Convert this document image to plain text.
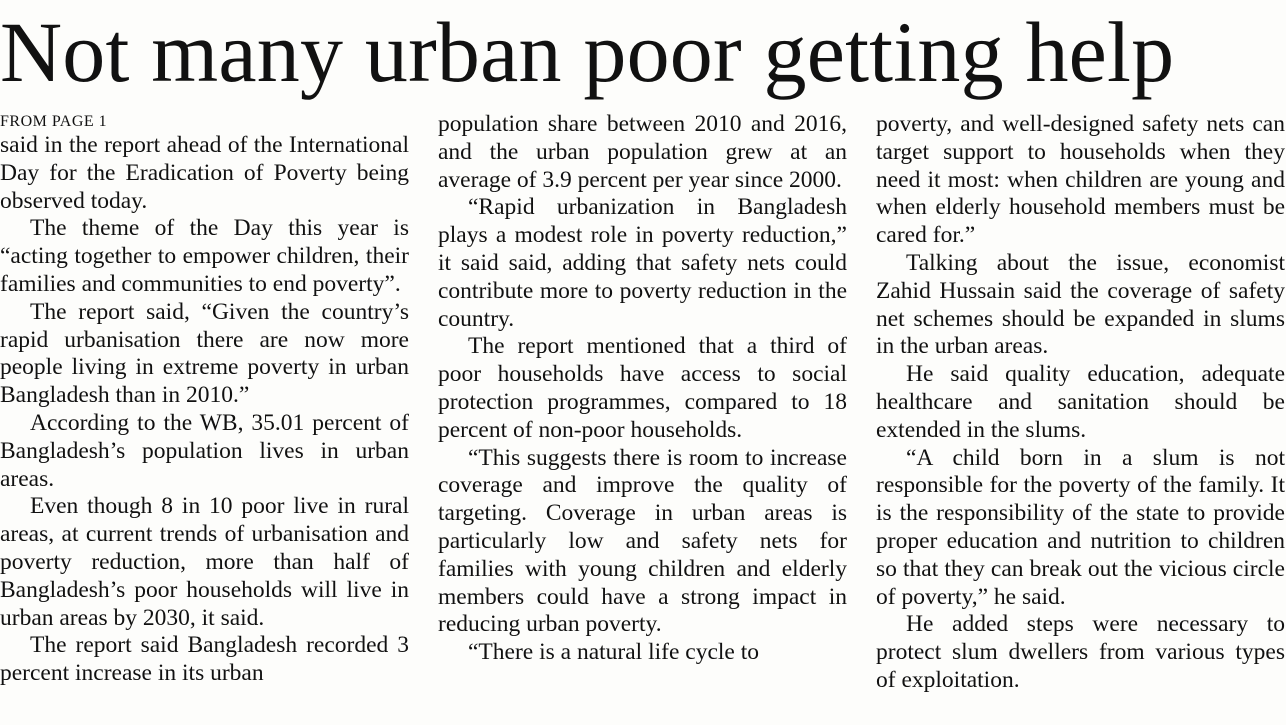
Not many urban poor getting help
FROM PAGE 1

said in the report ahead of the International Day for the Eradication of Poverty being observed today.

The theme of the Day this year is “acting together to empower children, their families and communities to end poverty”.

The report said, “Given the country’s rapid urbanisation there are now more people living in extreme poverty in urban Bangladesh than in 2010.”

According to the WB, 35.01 percent of Bangladesh’s population lives in urban areas.

Even though 8 in 10 poor live in rural areas, at current trends of urbanisation and poverty reduction, more than half of Bangladesh’s poor households will live in urban areas by 2030, it said.

The report said Bangladesh recorded 3 percent increase in its urban

population share between 2010 and 2016, and the urban population grew at an average of 3.9 percent per year since 2000.

“Rapid urbanization in Bangladesh plays a modest role in poverty reduction,” it said said, adding that safety nets could contribute more to poverty reduction in the country.

The report mentioned that a third of poor households have access to social protection programmes, compared to 18 percent of non-poor households.

“This suggests there is room to increase coverage and improve the quality of targeting. Coverage in urban areas is particularly low and safety nets for families with young children and elderly members could have a strong impact in reducing urban poverty.

“There is a natural life cycle to

poverty, and well-designed safety nets can target support to households when they need it most: when children are young and when elderly household members must be cared for.”

Talking about the issue, economist Zahid Hussain said the coverage of safety net schemes should be expanded in slums in the urban areas.

He said quality education, adequate healthcare and sanitation should be extended in the slums.

“A child born in a slum is not responsible for the poverty of the family. It is the responsibility of the state to provide proper education and nutrition to children so that they can break out the vicious circle of poverty,” he said.

He added steps were necessary to protect slum dwellers from various types of exploitation.
